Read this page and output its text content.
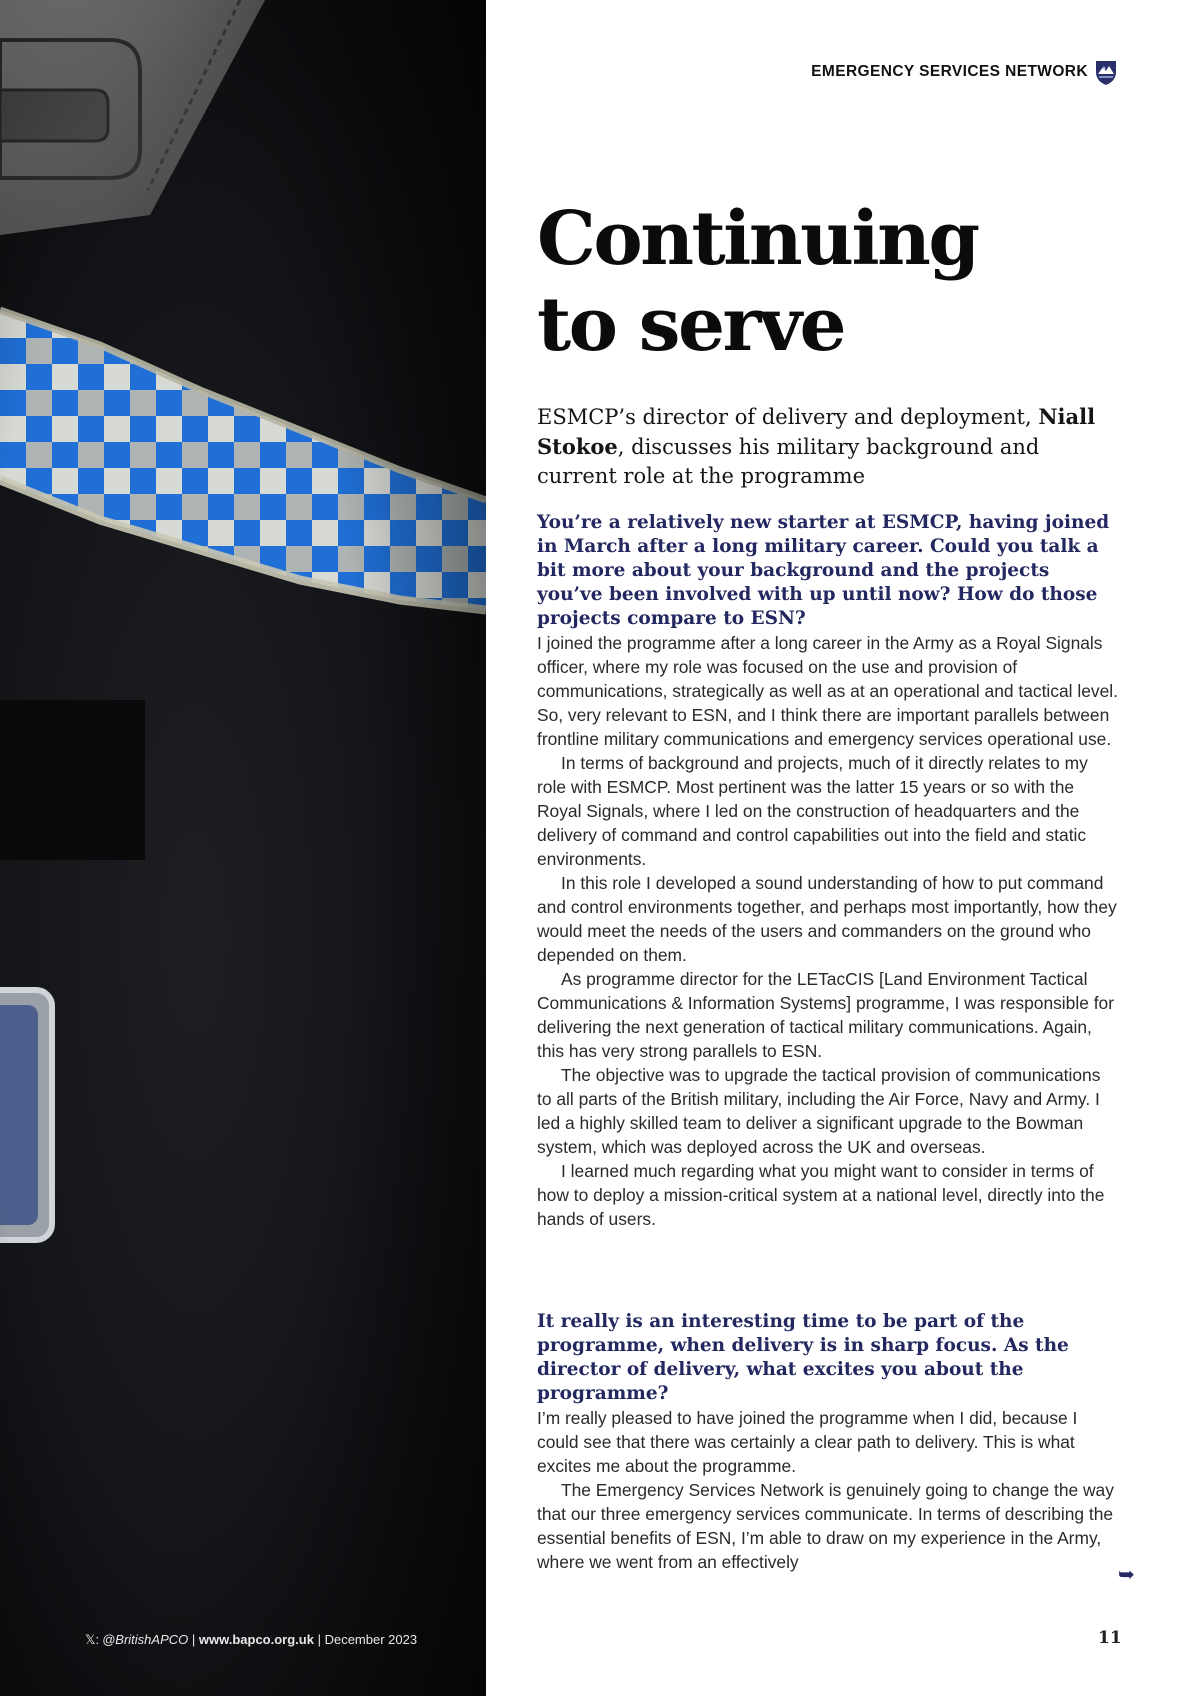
𝕏: @BritishAPCO | www.bapco.org.uk | December 2023
EMERGENCY SERVICES NETWORK
Continuing
to serve

ESMCP’s director of delivery and deployment, Niall Stokoe, discusses his military background and current role at the programme

You’re a relatively new starter at ESMCP, having joined in March after a long military career. Could you talk a bit more about your background and the projects you’ve been involved with up until now? How do those projects compare to ESN?

I joined the programme after a long career in the Army as a Royal Signals officer, where my role was focused on the use and provision of communications, strategically as well as at an operational and tactical level. So, very relevant to ESN, and I think there are important parallels between frontline military communications and emergency services operational use.

In terms of background and projects, much of it directly relates to my role with ESMCP. Most pertinent was the latter 15 years or so with the Royal Signals, where I led on the construction of headquarters and the delivery of command and control capabilities out into the field and static environments.

In this role I developed a sound understanding of how to put command and control environments together, and perhaps most importantly, how they would meet the needs of the users and commanders on the ground who depended on them.

As programme director for the LETacCIS [Land Environment Tactical Communications & Information Systems] programme, I was responsible for delivering the next generation of tactical military communications. Again, this has very strong parallels to ESN.

The objective was to upgrade the tactical provision of communications to all parts of the British military, including the Air Force, Navy and Army. I led a highly skilled team to deliver a significant upgrade to the Bowman system, which was deployed across the UK and overseas.

I learned much regarding what you might want to consider in terms of how to deploy a mission-critical system at a national level, directly into the hands of users.

It really is an interesting time to be part of the programme, when delivery is in sharp focus. As the director of delivery, what excites you about the programme?

I’m really pleased to have joined the programme when I did, because I could see that there was certainly a clear path to delivery. This is what excites me about the programme.

The Emergency Services Network is genuinely going to change the way that our three emergency services communicate. In terms of describing the essential benefits of ESN, I’m able to draw on my experience in the Army, where we went from an effectively

➥
11
